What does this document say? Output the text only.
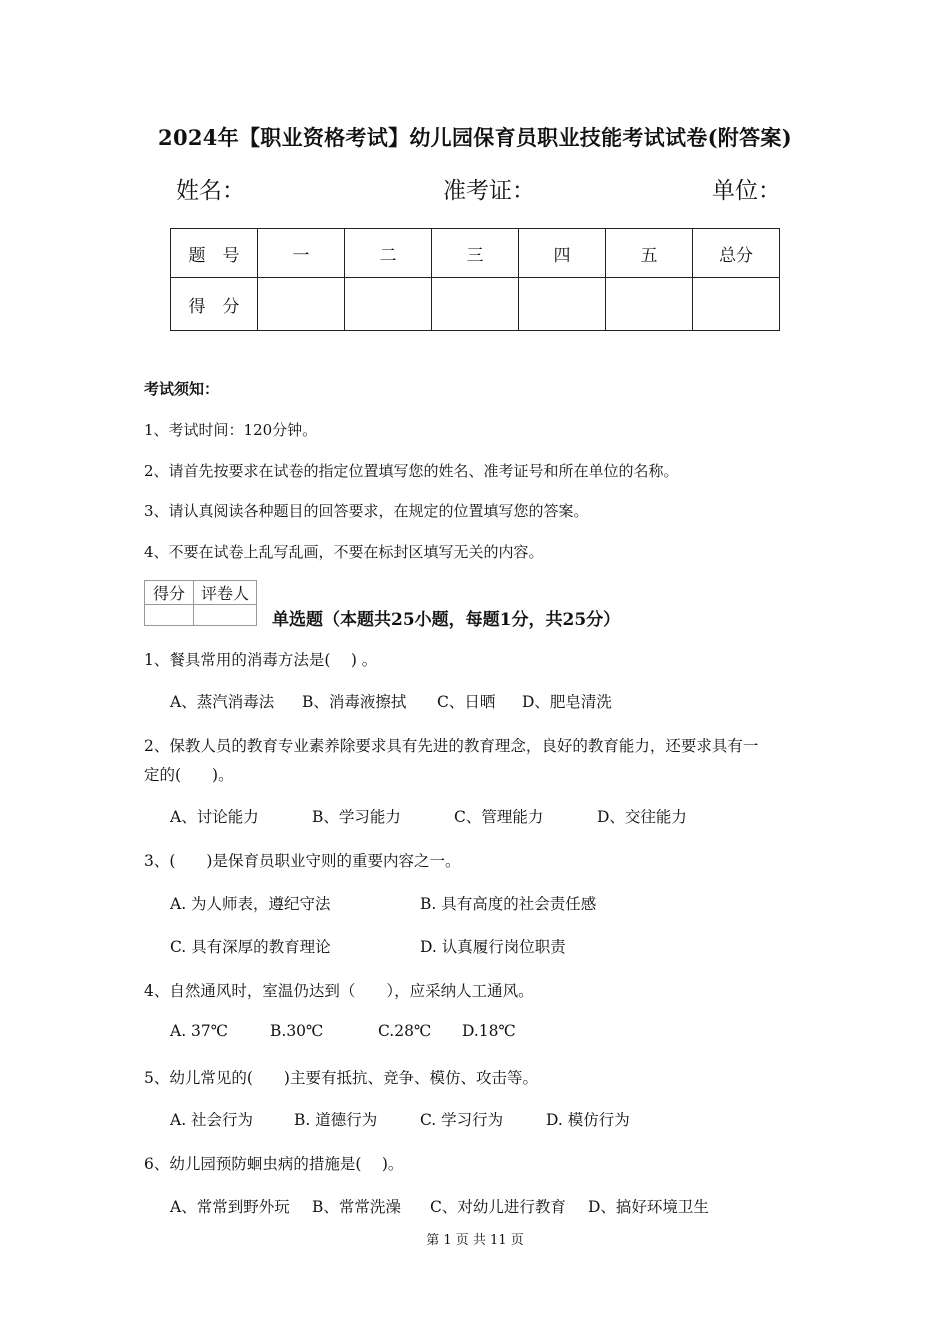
2024年【职业资格考试】幼儿园保育员职业技能考试试卷(附答案)
姓名：	准考证：	单位：
题　号	一	二	三	四	五	总分
得　分						
考试须知：
1、考试时间：120分钟。
2、请首先按要求在试卷的指定位置填写您的姓名、准考证号和所在单位的名称。
3、请认真阅读各种题目的回答要求，在规定的位置填写您的答案。
4、不要在试卷上乱写乱画，不要在标封区填写无关的内容。
得分	评卷人

单选题（本题共25小题，每题1分，共25分）
1、餐具常用的消毒方法是(　 ) 。
A、蒸汽消毒法 B、消毒液擦拭 C、日晒 D、肥皂清洗
2、保教人员的教育专业素养除要求具有先进的教育理念，良好的教育能力，还要求具有一
定的(　　)。
A、讨论能力	B、学习能力	C、管理能力	D、交往能力
3、(　　)是保育员职业守则的重要内容之一。
A. 为人师表，遵纪守法	B. 具有高度的社会责任感
C. 具有深厚的教育理论	D. 认真履行岗位职责
4、自然通风时，室温仍达到（　　），应采纳人工通风。
A. 37℃	B.30℃	C.28℃ D.18℃
5、幼儿常见的(　　)主要有抵抗、竞争、模仿、攻击等。
A. 社会行为	B. 道德行为	C. 学习行为	D. 模仿行为
6、幼儿园预防蛔虫病的措施是(　 )。
A、常常到野外玩 B、常常洗澡 C、对幼儿进行教育 D、搞好环境卫生
第 1 页 共 11 页
